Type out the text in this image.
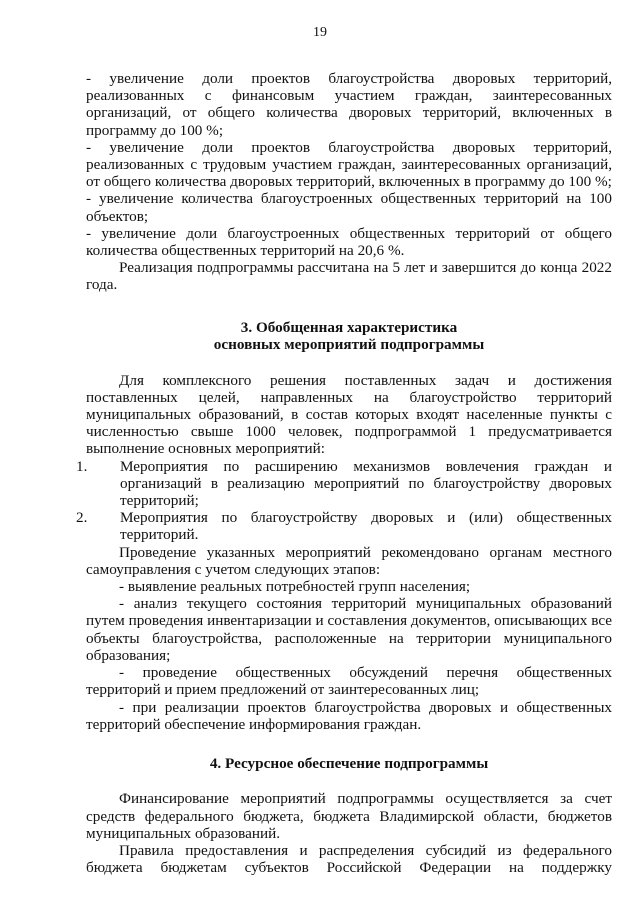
19

- увеличение доли проектов благоустройства дворовых территорий, реализованных с финансовым участием граждан, заинтересованных организаций, от общего количества дворовых территорий, включенных в программу до 100 %;

- увеличение доли проектов благоустройства дворовых территорий, реализованных с трудовым участием граждан, заинтересованных организаций, от общего количества дворовых территорий, включенных в программу до 100 %;

- увеличение количества благоустроенных общественных территорий на 100 объектов;

- увеличение доли благоустроенных общественных территорий от общего количества общественных территорий на 20,6 %.

Реализация подпрограммы рассчитана на 5 лет и завершится до конца 2022 года.

3. Обобщенная характеристика
основных мероприятий подпрограммы

Для комплексного решения поставленных задач и достижения поставленных целей, направленных на благоустройство территорий муниципальных образований, в состав которых входят населенные пункты с численностью свыше 1000 человек, подпрограммой 1 предусматривается выполнение основных мероприятий:

1. Мероприятия по расширению механизмов вовлечения граждан и организаций в реализацию мероприятий по благоустройству дворовых территорий;

2. Мероприятия по благоустройству дворовых и (или) общественных территорий.

Проведение указанных мероприятий рекомендовано органам местного самоуправления с учетом следующих этапов:

- выявление реальных потребностей групп населения;

- анализ текущего состояния территорий муниципальных образований путем проведения инвентаризации и составления документов, описывающих все объекты благоустройства, расположенные на территории муниципального образования;

- проведение общественных обсуждений перечня общественных территорий и прием предложений от заинтересованных лиц;

- при реализации проектов благоустройства дворовых и общественных территорий обеспечение информирования граждан.

4. Ресурсное обеспечение подпрограммы

Финансирование мероприятий подпрограммы осуществляется за счет средств федерального бюджета, бюджета Владимирской области, бюджетов муниципальных образований.

Правила предоставления и распределения субсидий из федерального бюджета бюджетам субъектов Российской Федерации на поддержку
